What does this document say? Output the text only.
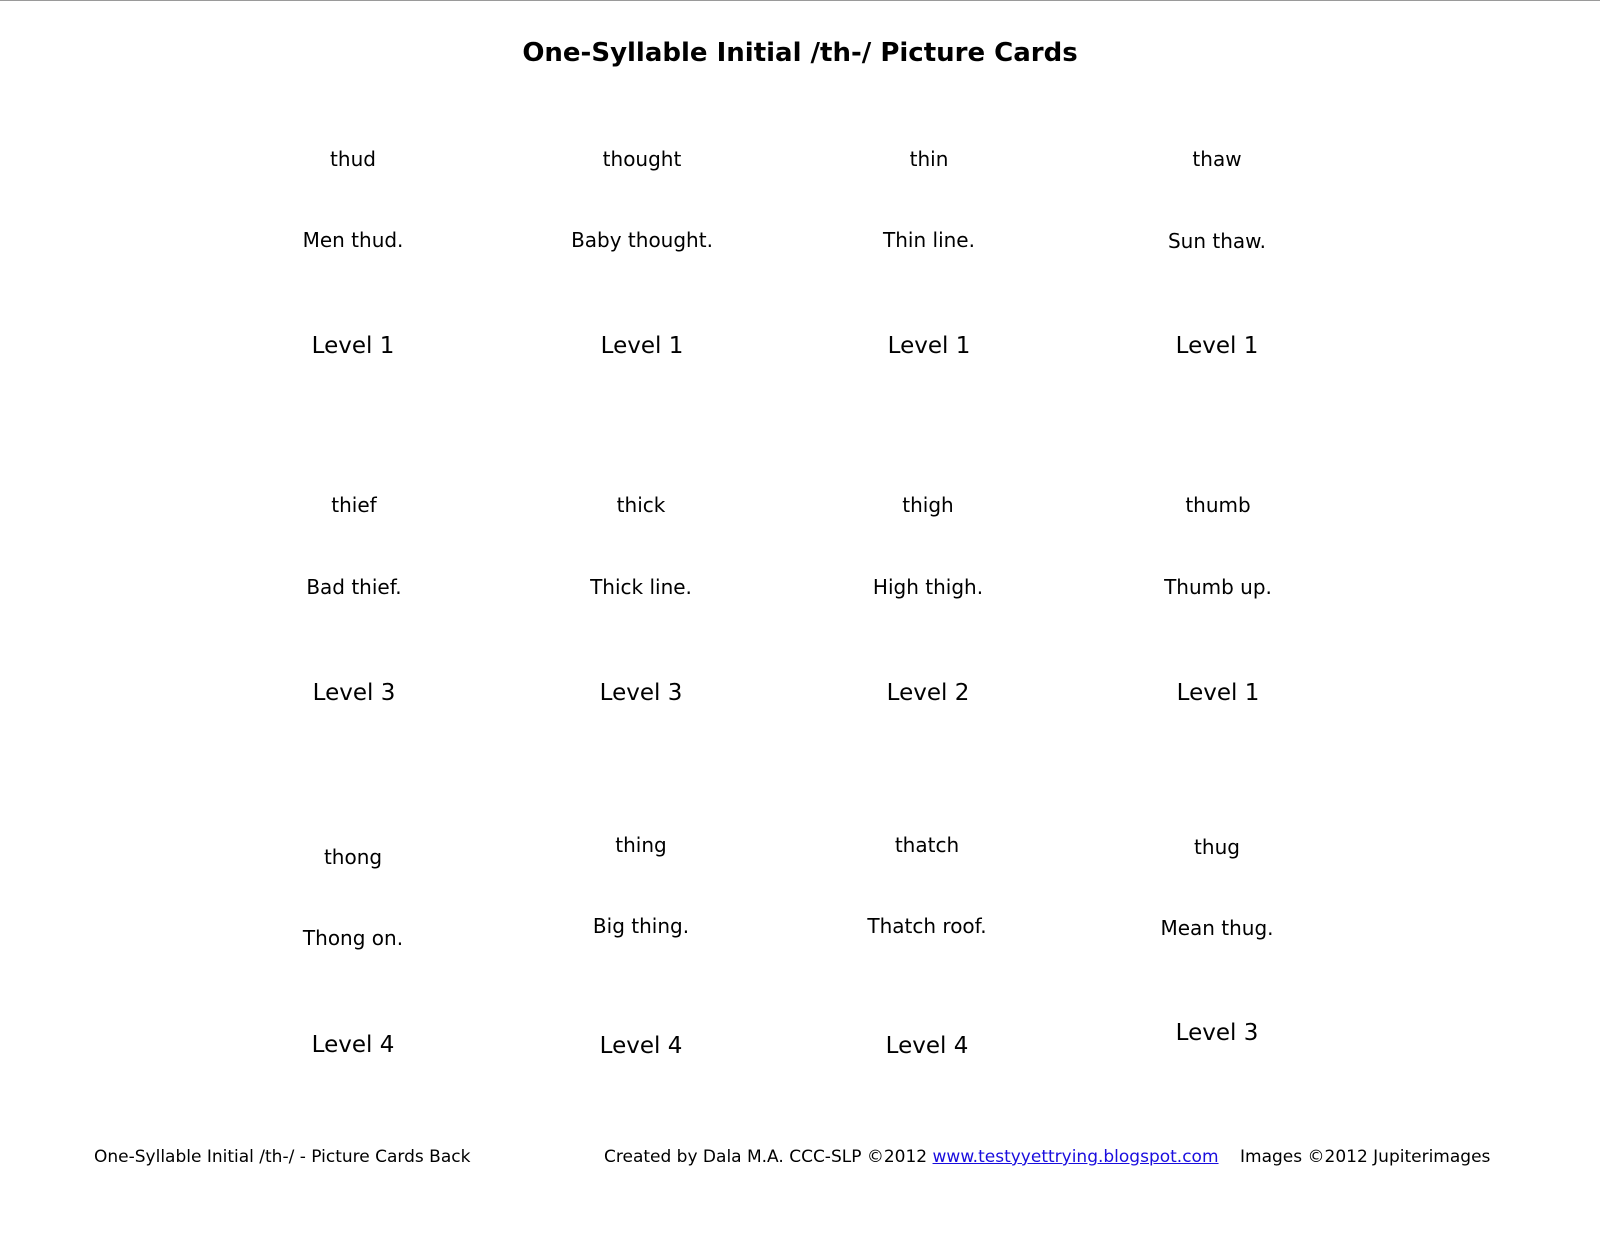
One-Syllable Initial /th-/ Picture Cards
thud
Men thud.
Level 1
thought
Baby thought.
Level 1
thin
Thin line.
Level 1
thaw
Sun thaw.
Level 1
thief
Bad thief.
Level 3
thick
Thick line.
Level 3
thigh
High thigh.
Level 2
thumb
Thumb up.
Level 1
thong
Thong on.
Level 4
thing
Big thing.
Level 4
thatch
Thatch roof.
Level 4
thug
Mean thug.
Level 3
One-Syllable Initial /th-/ - Picture Cards Back	Created by Dala M.A. CCC-SLP ©2012 www.testyyettrying.blogspot.com Images ©2012 Jupiterimages
